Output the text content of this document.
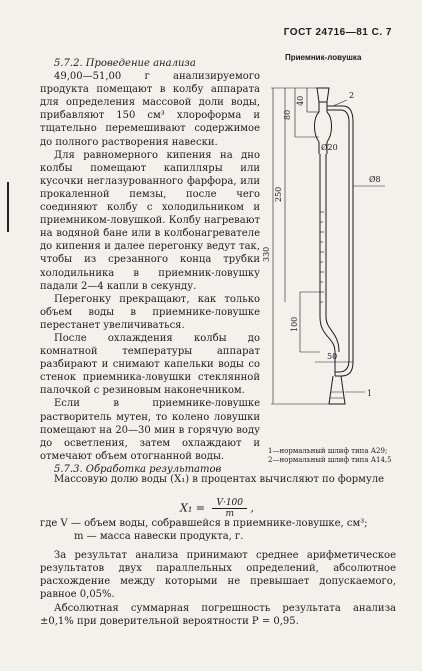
ГОСТ 24716—81 С. 7

5.7.2. Проведение анализа

49,00—51,00 г анализируемого продукта помещают в колбу аппарата для определения массовой доли воды, прибавляют 150 см³ хлороформа и тщательно перемешивают содержимое до полного растворения навески.

Для равномерного кипения на дно колбы помещают капилляры или кусочки неглазурованного фарфора, или прокаленной пемзы, после чего соединяют колбу с холодильником и приемником-ловушкой. Колбу нагревают на водяной бане или в колбонагревателе до кипения и далее перегонку ведут так, чтобы из срезанного конца трубки холодильника в приемник-ловушку падали 2—4 капли в секунду.

Перегонку прекращают, как только объем воды в приемнике-ловушке перестанет увеличиваться.

После охлаждения колбы до комнатной температуры аппарат разбирают и снимают капельки воды со стенок приемника-ловушки стеклянной палочкой с резиновым наконечником.

Если в приемнике-ловушке растворитель мутен, то колено ловушки помещают на 20—30 мин в горячую воду до осветления, затем охлаждают и отмечают объем отогнанной воды.

5.7.3. Обработка результатов

Приемник-ловушка
80
40
250
330
100
50
Ø20
Ø8
2
1
1—нормальный шлиф типа А29;
2—нормальный шлиф типа А14,5

Массовую долю воды (X₁) в процентах вычисляют по формуле

$X_1 = \frac{V\cdot 100}{m}$ ,

где V — объем воды, собравшейся в приемнике-ловушке, см³;

m — масса навески продукта, г.

За результат анализа принимают среднее арифметическое результатов двух параллельных определений, абсолютное расхождение между которыми не превышает допускаемого, равное 0,05%.

Абсолютная суммарная погрешность результата анализа ±0,1% при доверительной вероятности P = 0,95.
